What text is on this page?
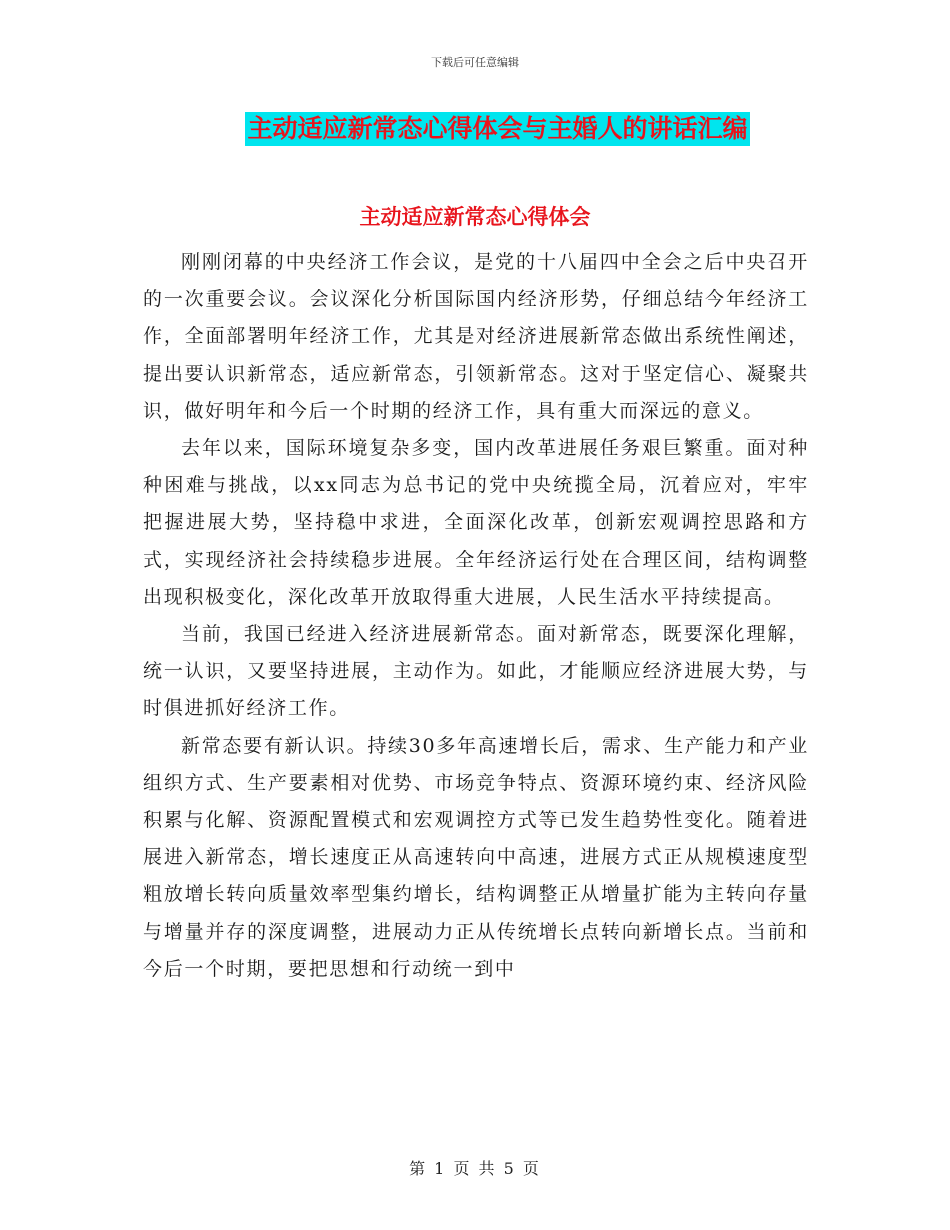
下载后可任意编辑
主动适应新常态心得体会与主婚人的讲话汇编
主动适应新常态心得体会

刚刚闭幕的中央经济工作会议，是党的十八届四中全会之后中央召开的一次重要会议。会议深化分析国际国内经济形势，仔细总结今年经济工作，全面部署明年经济工作，尤其是对经济进展新常态做出系统性阐述，提出要认识新常态，适应新常态，引领新常态。这对于坚定信心、凝聚共识，做好明年和今后一个时期的经济工作，具有重大而深远的意义。

去年以来，国际环境复杂多变，国内改革进展任务艰巨繁重。面对种种困难与挑战，以xx同志为总书记的党中央统揽全局，沉着应对，牢牢把握进展大势，坚持稳中求进，全面深化改革，创新宏观调控思路和方式，实现经济社会持续稳步进展。全年经济运行处在合理区间，结构调整出现积极变化，深化改革开放取得重大进展，人民生活水平持续提高。

当前，我国已经进入经济进展新常态。面对新常态，既要深化理解，统一认识，又要坚持进展，主动作为。如此，才能顺应经济进展大势，与时俱进抓好经济工作。

新常态要有新认识。持续30多年高速增长后，需求、生产能力和产业组织方式、生产要素相对优势、市场竞争特点、资源环境约束、经济风险积累与化解、资源配置模式和宏观调控方式等已发生趋势性变化。随着进展进入新常态，增长速度正从高速转向中高速，进展方式正从规模速度型粗放增长转向质量效率型集约增长，结构调整正从增量扩能为主转向存量与增量并存的深度调整，进展动力正从传统增长点转向新增长点。当前和今后一个时期，要把思想和行动统一到中

第 1 页 共 5 页
